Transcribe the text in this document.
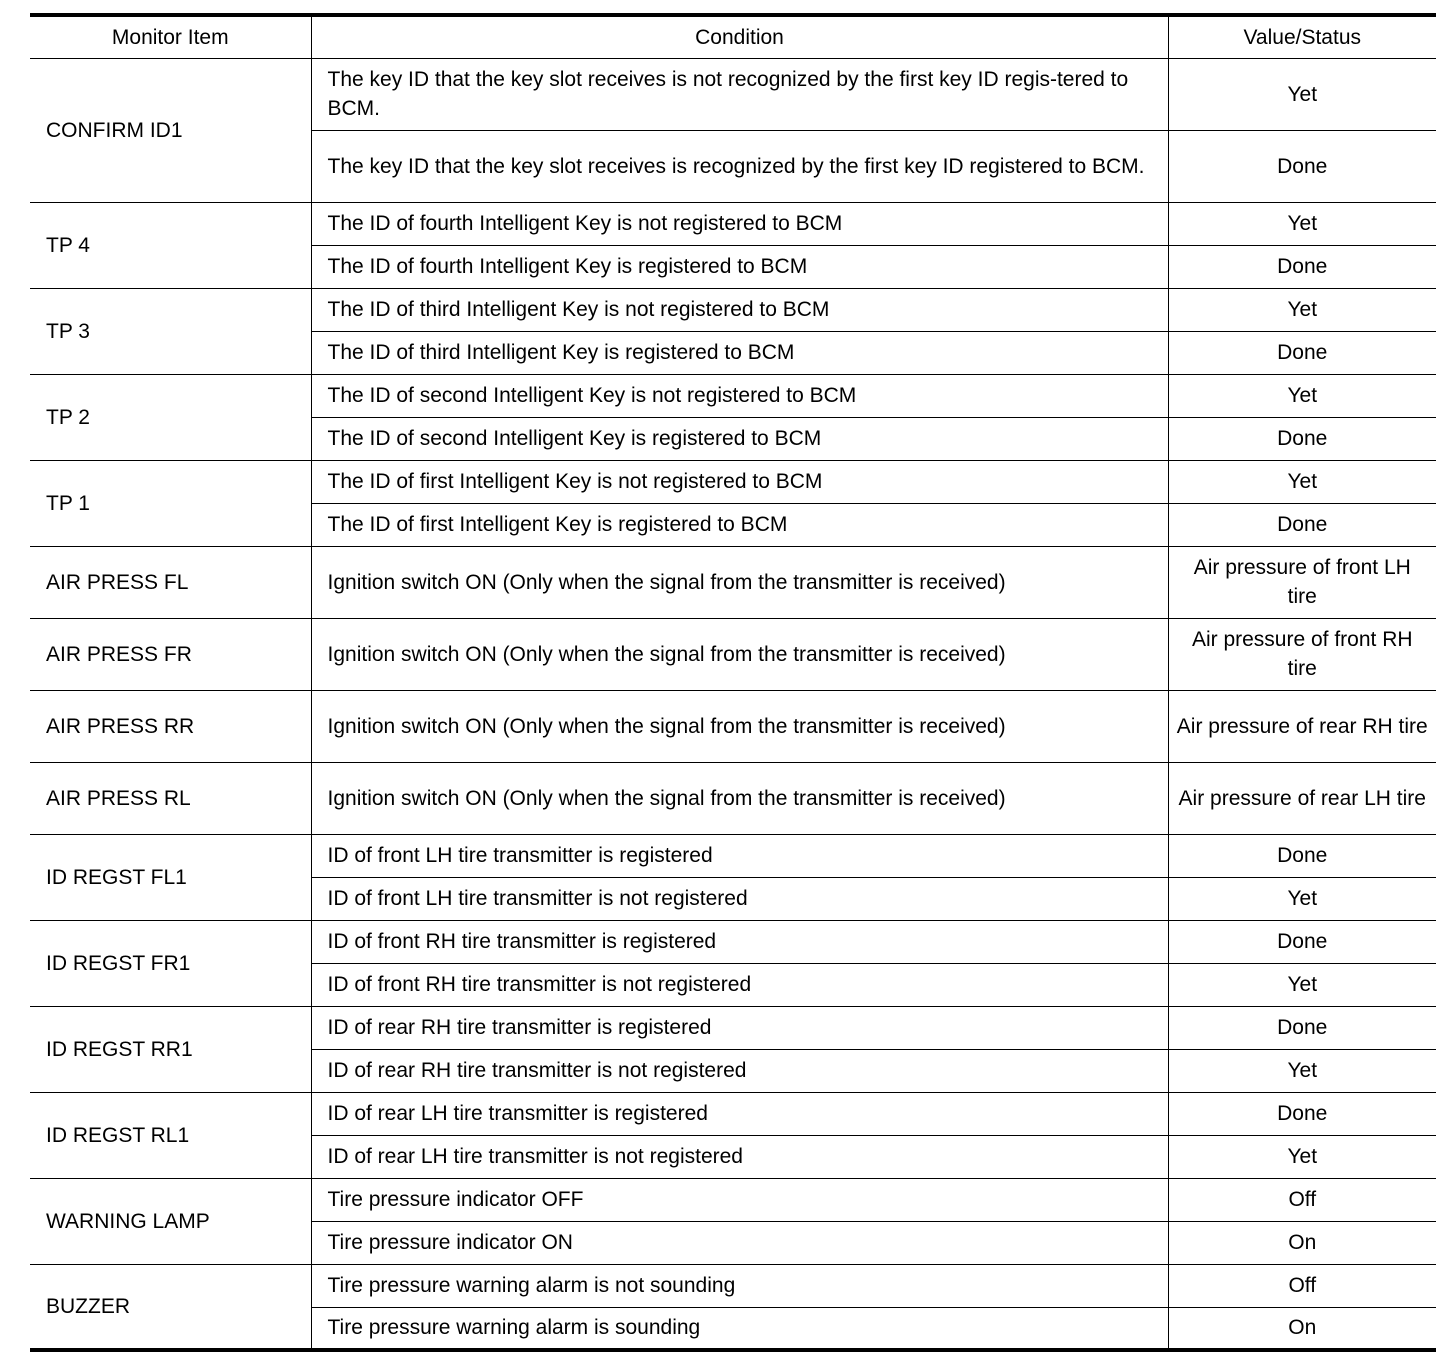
Monitor Item	Condition	Value/Status
CONFIRM ID1	The key ID that the key slot receives is not recognized by the first key ID regis-tered to BCM.	Yet
	The key ID that the key slot receives is recognized by the first key ID registered to BCM.	Done
TP 4	The ID of fourth Intelligent Key is not registered to BCM	Yet
	The ID of fourth Intelligent Key is registered to BCM	Done
TP 3	The ID of third Intelligent Key is not registered to BCM	Yet
	The ID of third Intelligent Key is registered to BCM	Done
TP 2	The ID of second Intelligent Key is not registered to BCM	Yet
	The ID of second Intelligent Key is registered to BCM	Done
TP 1	The ID of first Intelligent Key is not registered to BCM	Yet
	The ID of first Intelligent Key is registered to BCM	Done
AIR PRESS FL	Ignition switch ON (Only when the signal from the transmitter is received)	Air pressure of front LH tire
AIR PRESS FR	Ignition switch ON (Only when the signal from the transmitter is received)	Air pressure of front RH tire
AIR PRESS RR	Ignition switch ON (Only when the signal from the transmitter is received)	Air pressure of rear RH tire
AIR PRESS RL	Ignition switch ON (Only when the signal from the transmitter is received)	Air pressure of rear LH tire
ID REGST FL1	ID of front LH tire transmitter is registered	Done
	ID of front LH tire transmitter is not registered	Yet
ID REGST FR1	ID of front RH tire transmitter is registered	Done
	ID of front RH tire transmitter is not registered	Yet
ID REGST RR1	ID of rear RH tire transmitter is registered	Done
	ID of rear RH tire transmitter is not registered	Yet
ID REGST RL1	ID of rear LH tire transmitter is registered	Done
	ID of rear LH tire transmitter is not registered	Yet
WARNING LAMP	Tire pressure indicator OFF	Off
	Tire pressure indicator ON	On
BUZZER	Tire pressure warning alarm is not sounding	Off
	Tire pressure warning alarm is sounding	On
